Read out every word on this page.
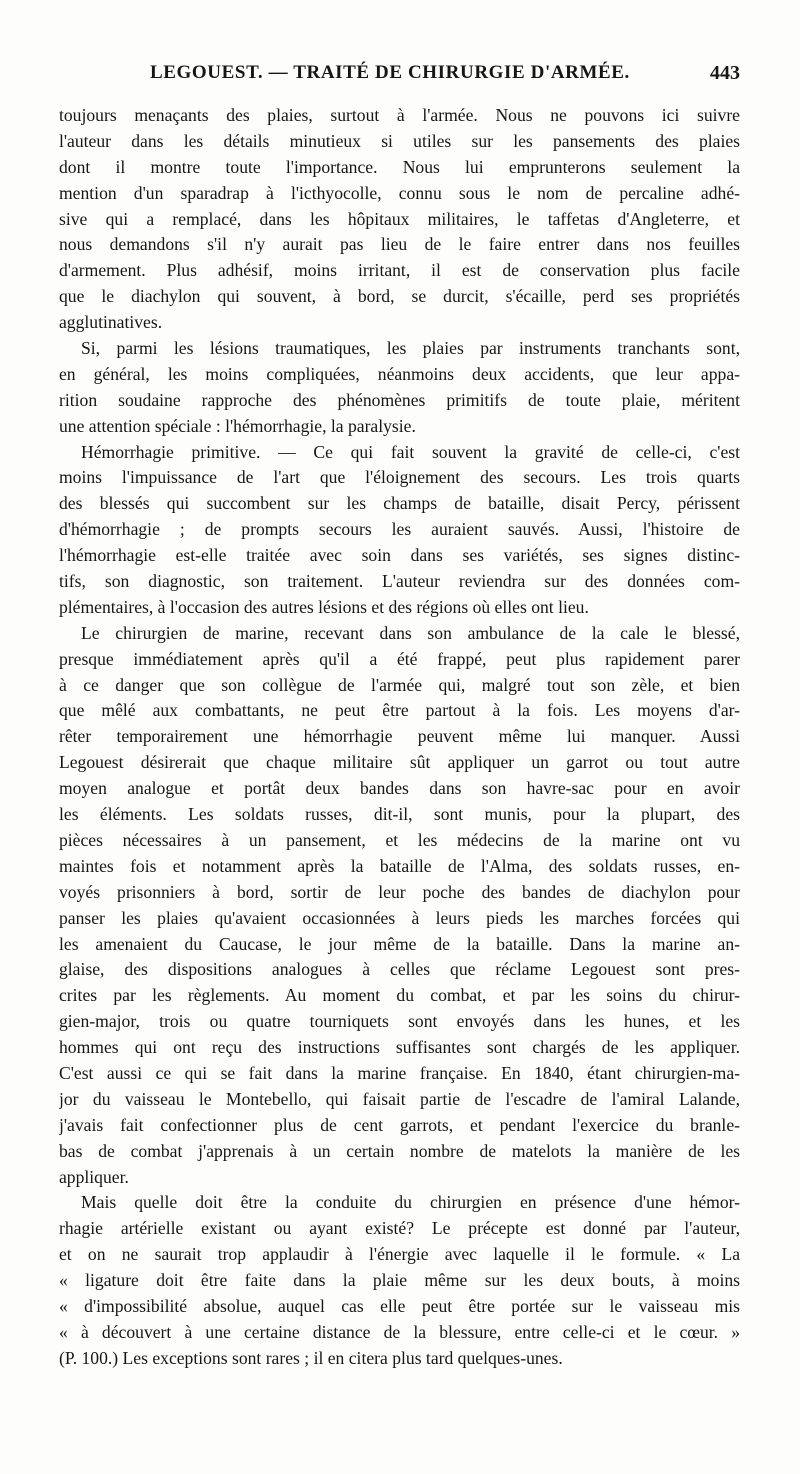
LEGOUEST. — TRAITÉ DE CHIRURGIE D'ARMÉE.	443
toujours menaçants des plaies, surtout à l'armée. Nous ne pouvons ici suivre
l'auteur dans les détails minutieux si utiles sur les pansements des plaies
dont il montre toute l'importance. Nous lui emprunterons seulement la
mention d'un sparadrap à l'icthyocolle, connu sous le nom de percaline adhé-
sive qui a remplacé, dans les hôpitaux militaires, le taffetas d'Angleterre, et
nous demandons s'il n'y aurait pas lieu de le faire entrer dans nos feuilles
d'armement. Plus adhésif, moins irritant, il est de conservation plus facile
que le diachylon qui souvent, à bord, se durcit, s'écaille, perd ses propriétés
agglutinatives.
Si, parmi les lésions traumatiques, les plaies par instruments tranchants sont,
en général, les moins compliquées, néanmoins deux accidents, que leur appa-
rition soudaine rapproche des phénomènes primitifs de toute plaie, méritent
une attention spéciale : l'hémorrhagie, la paralysie.
Hémorrhagie primitive. — Ce qui fait souvent la gravité de celle-ci, c'est
moins l'impuissance de l'art que l'éloignement des secours. Les trois quarts
des blessés qui succombent sur les champs de bataille, disait Percy, périssent
d'hémorrhagie ; de prompts secours les auraient sauvés. Aussi, l'histoire de
l'hémorrhagie est-elle traitée avec soin dans ses variétés, ses signes distinc-
tifs, son diagnostic, son traitement. L'auteur reviendra sur des données com-
plémentaires, à l'occasion des autres lésions et des régions où elles ont lieu.
Le chirurgien de marine, recevant dans son ambulance de la cale le blessé,
presque immédiatement après qu'il a été frappé, peut plus rapidement parer
à ce danger que son collègue de l'armée qui, malgré tout son zèle, et bien
que mêlé aux combattants, ne peut être partout à la fois. Les moyens d'ar-
rêter temporairement une hémorrhagie peuvent même lui manquer. Aussi
Legouest désirerait que chaque militaire sût appliquer un garrot ou tout autre
moyen analogue et portât deux bandes dans son havre-sac pour en avoir
les éléments. Les soldats russes, dit-il, sont munis, pour la plupart, des
pièces nécessaires à un pansement, et les médecins de la marine ont vu
maintes fois et notamment après la bataille de l'Alma, des soldats russes, en-
voyés prisonniers à bord, sortir de leur poche des bandes de diachylon pour
panser les plaies qu'avaient occasionnées à leurs pieds les marches forcées qui
les amenaient du Caucase, le jour même de la bataille. Dans la marine an-
glaise, des dispositions analogues à celles que réclame Legouest sont pres-
crites par les règlements. Au moment du combat, et par les soins du chirur-
gien-major, trois ou quatre tourniquets sont envoyés dans les hunes, et les
hommes qui ont reçu des instructions suffisantes sont chargés de les appliquer.
C'est aussi ce qui se fait dans la marine française. En 1840, étant chirurgien-ma-
jor du vaisseau le Montebello, qui faisait partie de l'escadre de l'amiral Lalande,
j'avais fait confectionner plus de cent garrots, et pendant l'exercice du branle-
bas de combat j'apprenais à un certain nombre de matelots la manière de les
appliquer.
Mais quelle doit être la conduite du chirurgien en présence d'une hémor-
rhagie artérielle existant ou ayant existé? Le précepte est donné par l'auteur,
et on ne saurait trop applaudir à l'énergie avec laquelle il le formule. « La
« ligature doit être faite dans la plaie même sur les deux bouts, à moins
« d'impossibilité absolue, auquel cas elle peut être portée sur le vaisseau mis
« à découvert à une certaine distance de la blessure, entre celle-ci et le cœur. »
(P. 100.) Les exceptions sont rares ; il en citera plus tard quelques-unes.
